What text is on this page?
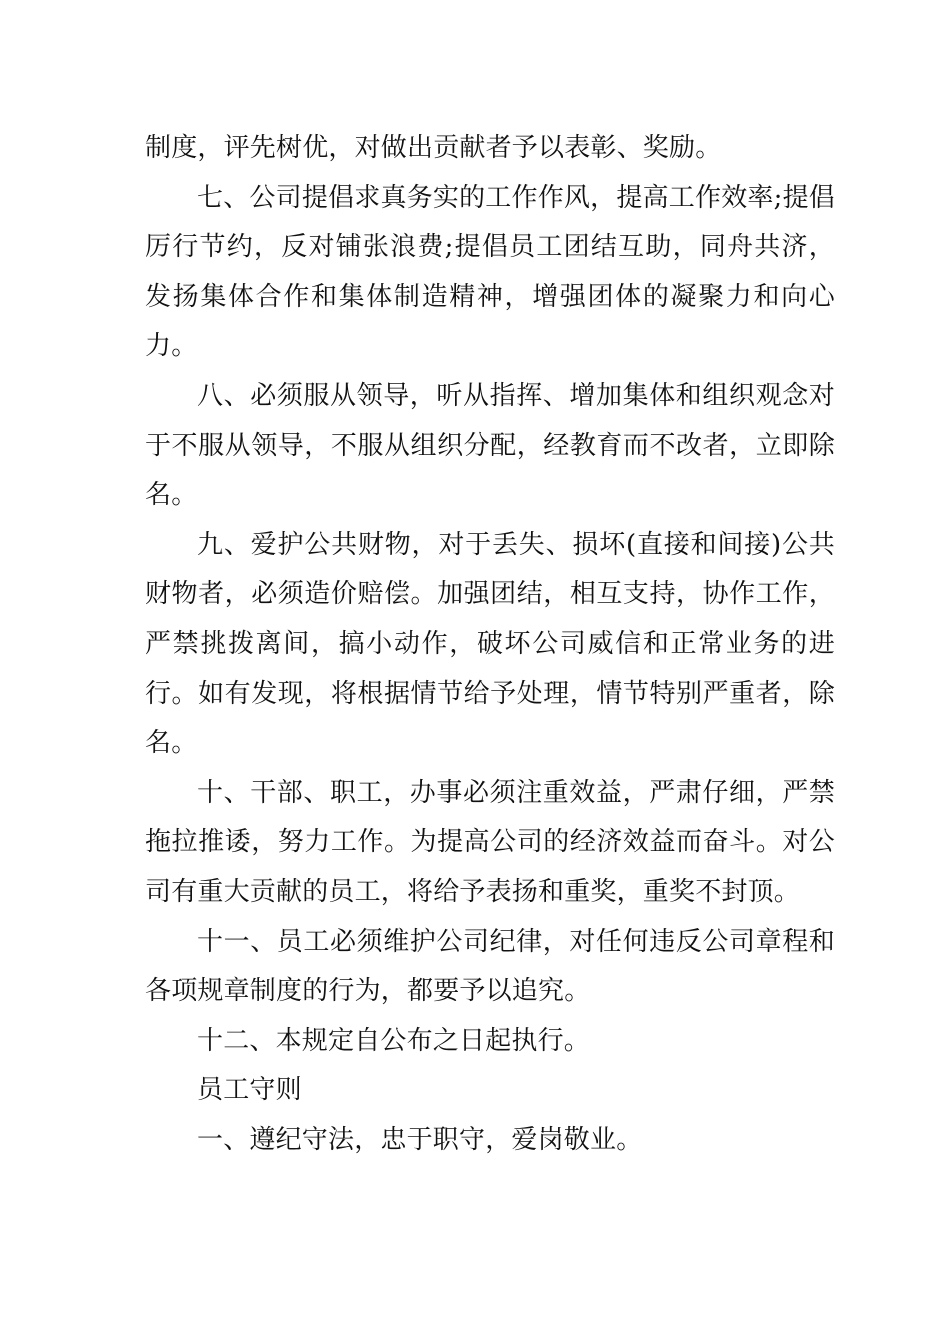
制度，评先树优，对做出贡献者予以表彰、奖励。

七、公司提倡求真务实的工作作风，提高工作效率;提倡厉行节约，反对铺张浪费;提倡员工团结互助，同舟共济，发扬集体合作和集体制造精神，增强团体的凝聚力和向心力。

八、必须服从领导，听从指挥、增加集体和组织观念对于不服从领导，不服从组织分配，经教育而不改者，立即除名。

九、爱护公共财物，对于丢失、损坏(直接和间接)公共财物者，必须造价赔偿。加强团结，相互支持，协作工作，严禁挑拨离间，搞小动作，破坏公司威信和正常业务的进行。如有发现，将根据情节给予处理，情节特别严重者，除名。

十、干部、职工，办事必须注重效益，严肃仔细，严禁拖拉推诿，努力工作。为提高公司的经济效益而奋斗。对公司有重大贡献的员工，将给予表扬和重奖，重奖不封顶。

十一、员工必须维护公司纪律，对任何违反公司章程和各项规章制度的行为，都要予以追究。

十二、本规定自公布之日起执行。

员工守则

一、遵纪守法，忠于职守，爱岗敬业。
